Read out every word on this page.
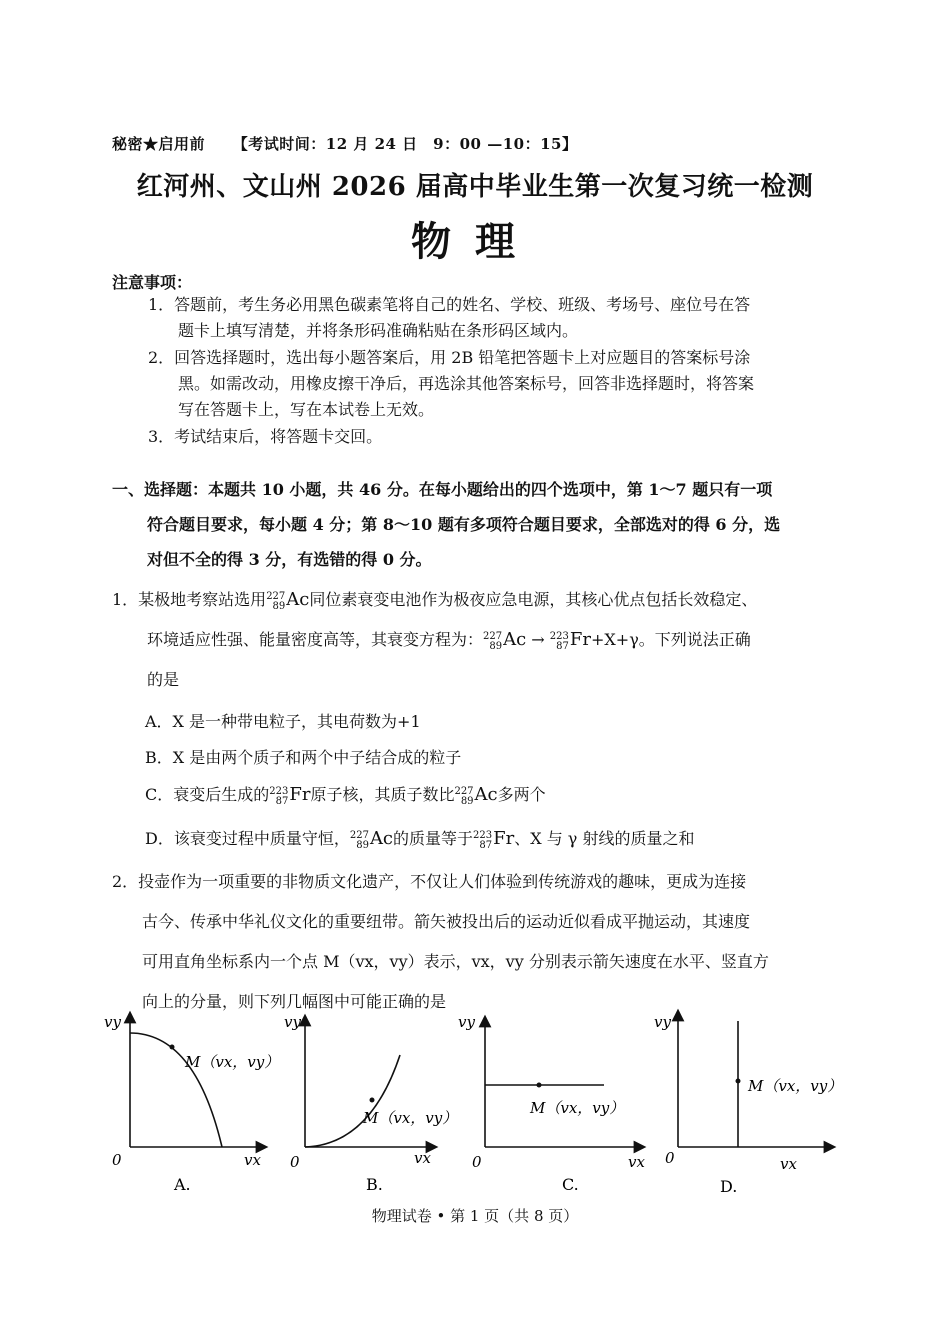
秘密★启用前 【考试时间：12 月 24 日　9：00 —10：15】
红河州、文山州 2026 届高中毕业生第一次复习统一检测
物理
注意事项：
1．答题前，考生务必用黑色碳素笔将自己的姓名、学校、班级、考场号、座位号在答
题卡上填写清楚，并将条形码准确粘贴在条形码区域内。
2．回答选择题时，选出每小题答案后，用 2B 铅笔把答题卡上对应题目的答案标号涂
黑。如需改动，用橡皮擦干净后，再选涂其他答案标号，回答非选择题时，将答案
写在答题卡上，写在本试卷上无效。
3．考试结束后，将答题卡交回。
一、选择题：本题共 10 小题，共 46 分。在每小题给出的四个选项中，第 1～7 题只有一项
符合题目要求，每小题 4 分；第 8～10 题有多项符合题目要求，全部选对的得 6 分，选
对但不全的得 3 分，有选错的得 0 分。
1．某极地考察站选用 227
89 Ac同位素衰变电池作为极夜应急电源，其核心优点包括长效稳定、
环境适应性强、能量密度高等，其衰变方程为： 227
89 Ac → 223
87 Fr+X+γ。下列说法正确
的是
A．X 是一种带电粒子，其电荷数为+1
B．X 是由两个质子和两个中子结合成的粒子
C．衰变后生成的 223
87 Fr原子核，其质子数比 227
89 Ac多两个
D．该衰变过程中质量守恒， 227
89 Ac的质量等于 223
87 Fr、X 与 γ 射线的质量之和
2．投壶作为一项重要的非物质文化遗产，不仅让人们体验到传统游戏的趣味，更成为连接
古今、传承中华礼仪文化的重要纽带。箭矢被投出后的运动近似看成平抛运动，其速度
可用直角坐标系内一个点 M（vx，vy）表示，vx，vy 分别表示箭矢速度在水平、竖直方
向上的分量，则下列几幅图中可能正确的是
vy
0	vx
M（vx，vy）
A.
vy
0	vx
M（vx，vy）
B.
vy
0	vx
M（vx，vy）
C.
vy
0	vx
M（vx，vy）
D.
物理试卷 • 第 1 页（共 8 页）
